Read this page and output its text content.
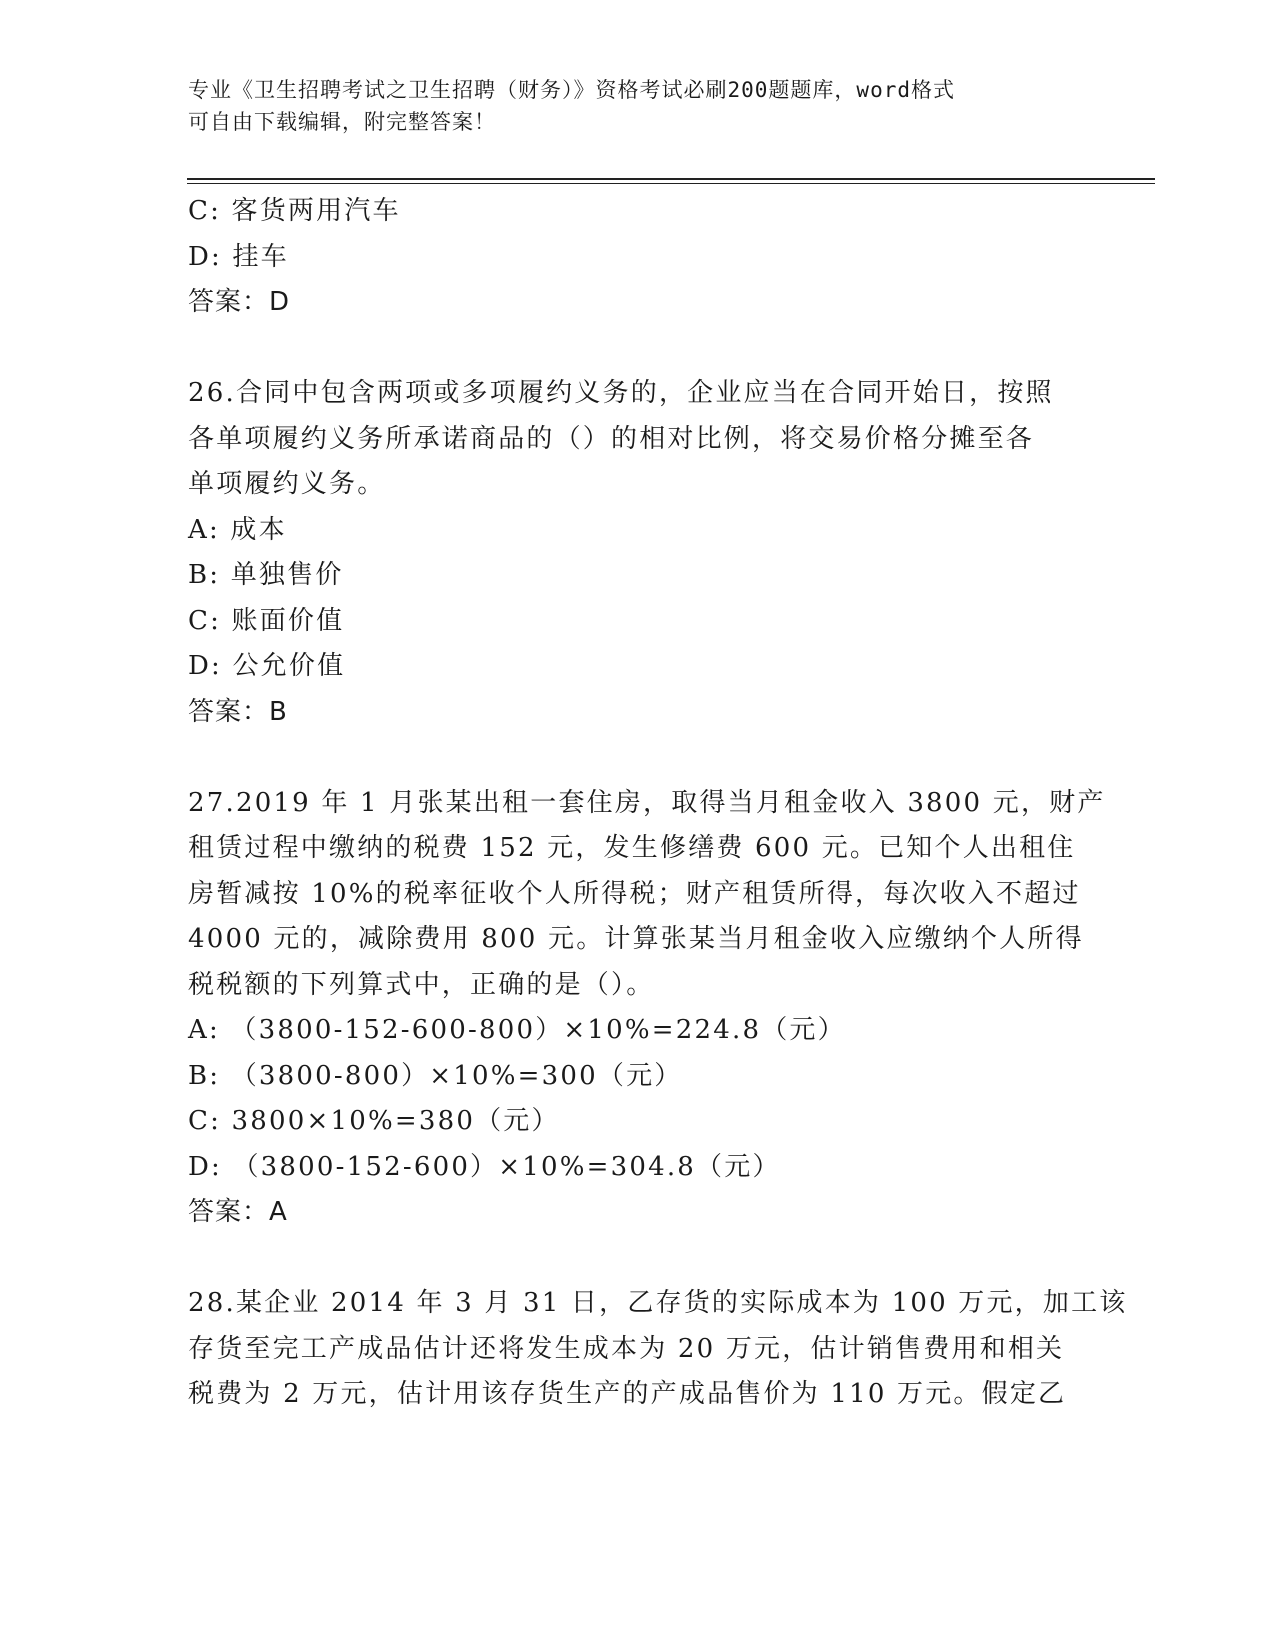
专业《卫生招聘考试之卫生招聘（财务）》资格考试必刷200题题库，word格式
可自由下载编辑，附完整答案！
C: 客货两用汽车
D: 挂车
答案：D
26.合同中包含两项或多项履约义务的，企业应当在合同开始日，按照
各单项履约义务所承诺商品的（）的相对比例，将交易价格分摊至各
单项履约义务。
A: 成本
B: 单独售价
C: 账面价值
D: 公允价值
答案：B
27.2019 年 1 月张某出租一套住房，取得当月租金收入 3800 元，财产
租赁过程中缴纳的税费 152 元，发生修缮费 600 元。已知个人出租住
房暂减按 10%的税率征收个人所得税；财产租赁所得，每次收入不超过
4000 元的，减除费用 800 元。计算张某当月租金收入应缴纳个人所得
税税额的下列算式中，正确的是（）。
A: （3800-152-600-800）×10%=224.8（元）
B: （3800-800）×10%=300（元）
C: 3800×10%=380（元）
D: （3800-152-600）×10%=304.8（元）
答案：A
28.某企业 2014 年 3 月 31 日，乙存货的实际成本为 100 万元，加工该
存货至完工产成品估计还将发生成本为 20 万元，估计销售费用和相关
税费为 2 万元，估计用该存货生产的产成品售价为 110 万元。假定乙
